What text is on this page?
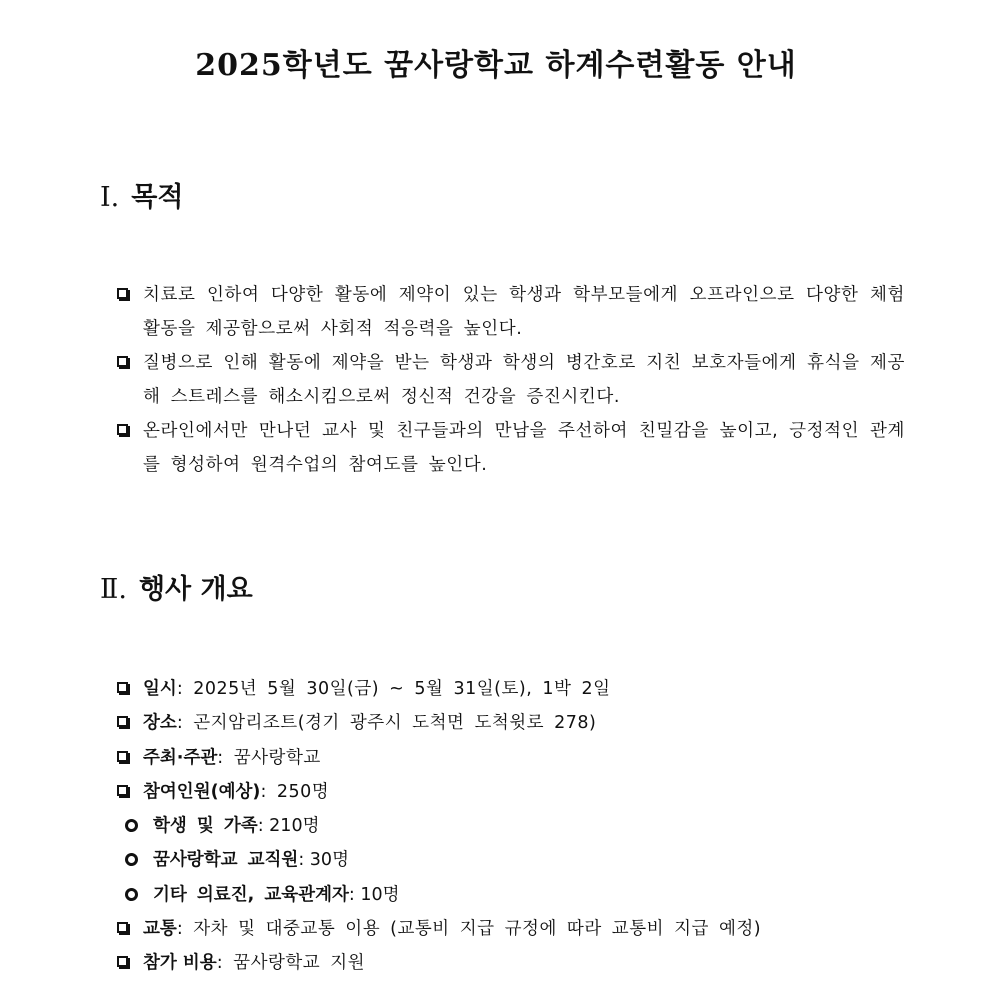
2025학년도 꿈사랑학교 하계수련활동 안내
Ⅰ. 목적
치료로 인하여 다양한 활동에 제약이 있는 학생과 학부모들에게 오프라인으로 다양한 체험활동을 제공함으로써 사회적 적응력을 높인다.
질병으로 인해 활동에 제약을 받는 학생과 학생의 병간호로 지친 보호자들에게 휴식을 제공해 스트레스를 해소시킴으로써 정신적 건강을 증진시킨다.
온라인에서만 만나던 교사 및 친구들과의 만남을 주선하여 친밀감을 높이고, 긍정적인 관계를 형성하여 원격수업의 참여도를 높인다.
Ⅱ. 행사 개요
일시: 2025년 5월 30일(금) ~ 5월 31일(토), 1박 2일
장소: 곤지암리조트(경기 광주시 도척면 도척윗로 278)
주최·주관: 꿈사랑학교
참여인원(예상): 250명
학생 및 가족: 210명
꿈사랑학교 교직원: 30명
기타 의료진, 교육관계자: 10명
교통: 자차 및 대중교통 이용 (교통비 지급 규정에 따라 교통비 지급 예정)
참가 비용: 꿈사랑학교 지원
